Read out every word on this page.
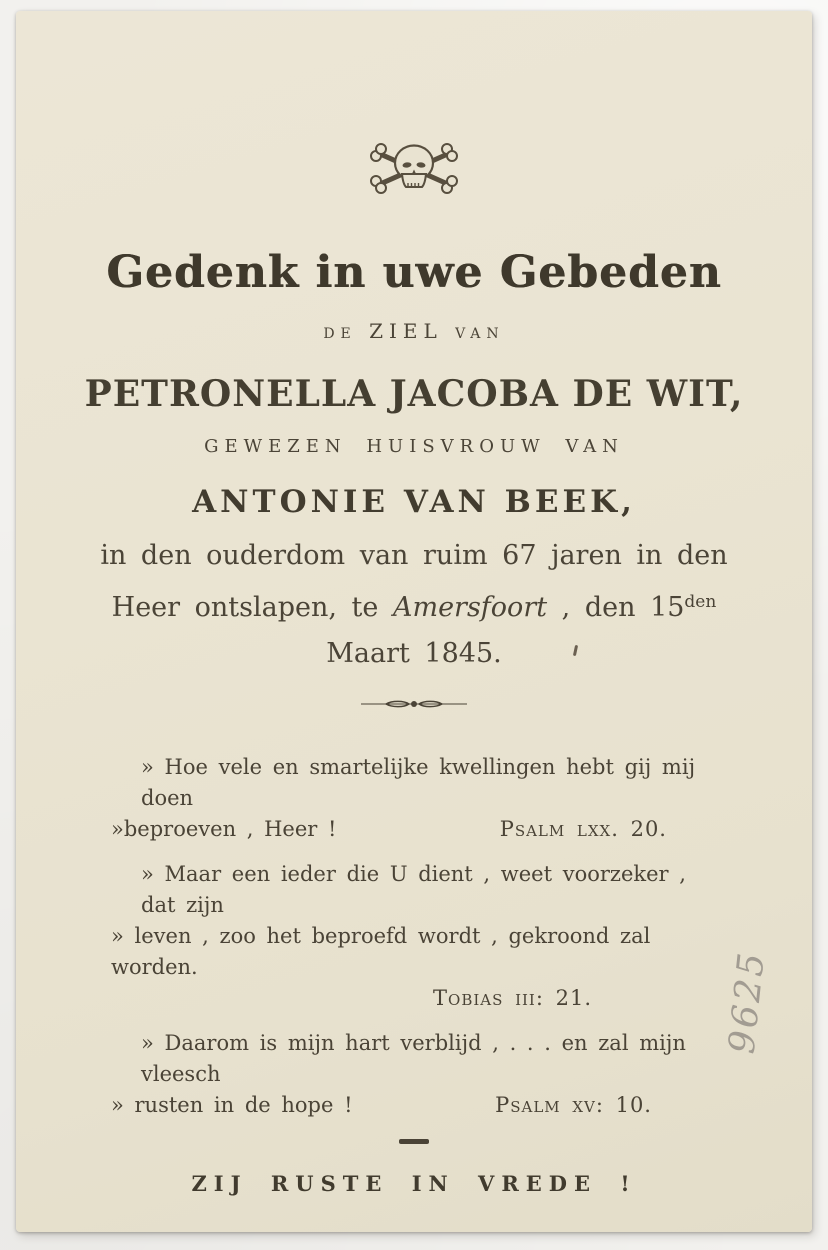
Gedenk in uwe Gebeden
de ZIEL van
PETRONELLA JACOBA DE WIT,
GEWEZEN HUISVROUW VAN
ANTONIE VAN BEEK,
in den ouderdom van ruim 67 jaren in den
Heer ontslapen, te Amersfoort , den $15^{den}$
Maart 1845.
» Hoe vele en smartelijke kwellingen hebt gij mij doen
»beproeven , Heer !	Psalm lxx. 20.
» Maar een ieder die U dient , weet voorzeker , dat zijn
» leven , zoo het beproefd wordt , gekroond zal worden.
Tobias iii: 21.
» Daarom is mijn hart verblijd , . . . en zal mijn vleesch
» rusten in de hope !	Psalm xv: 10.
ZIJ RUSTE IN VREDE !
9625
